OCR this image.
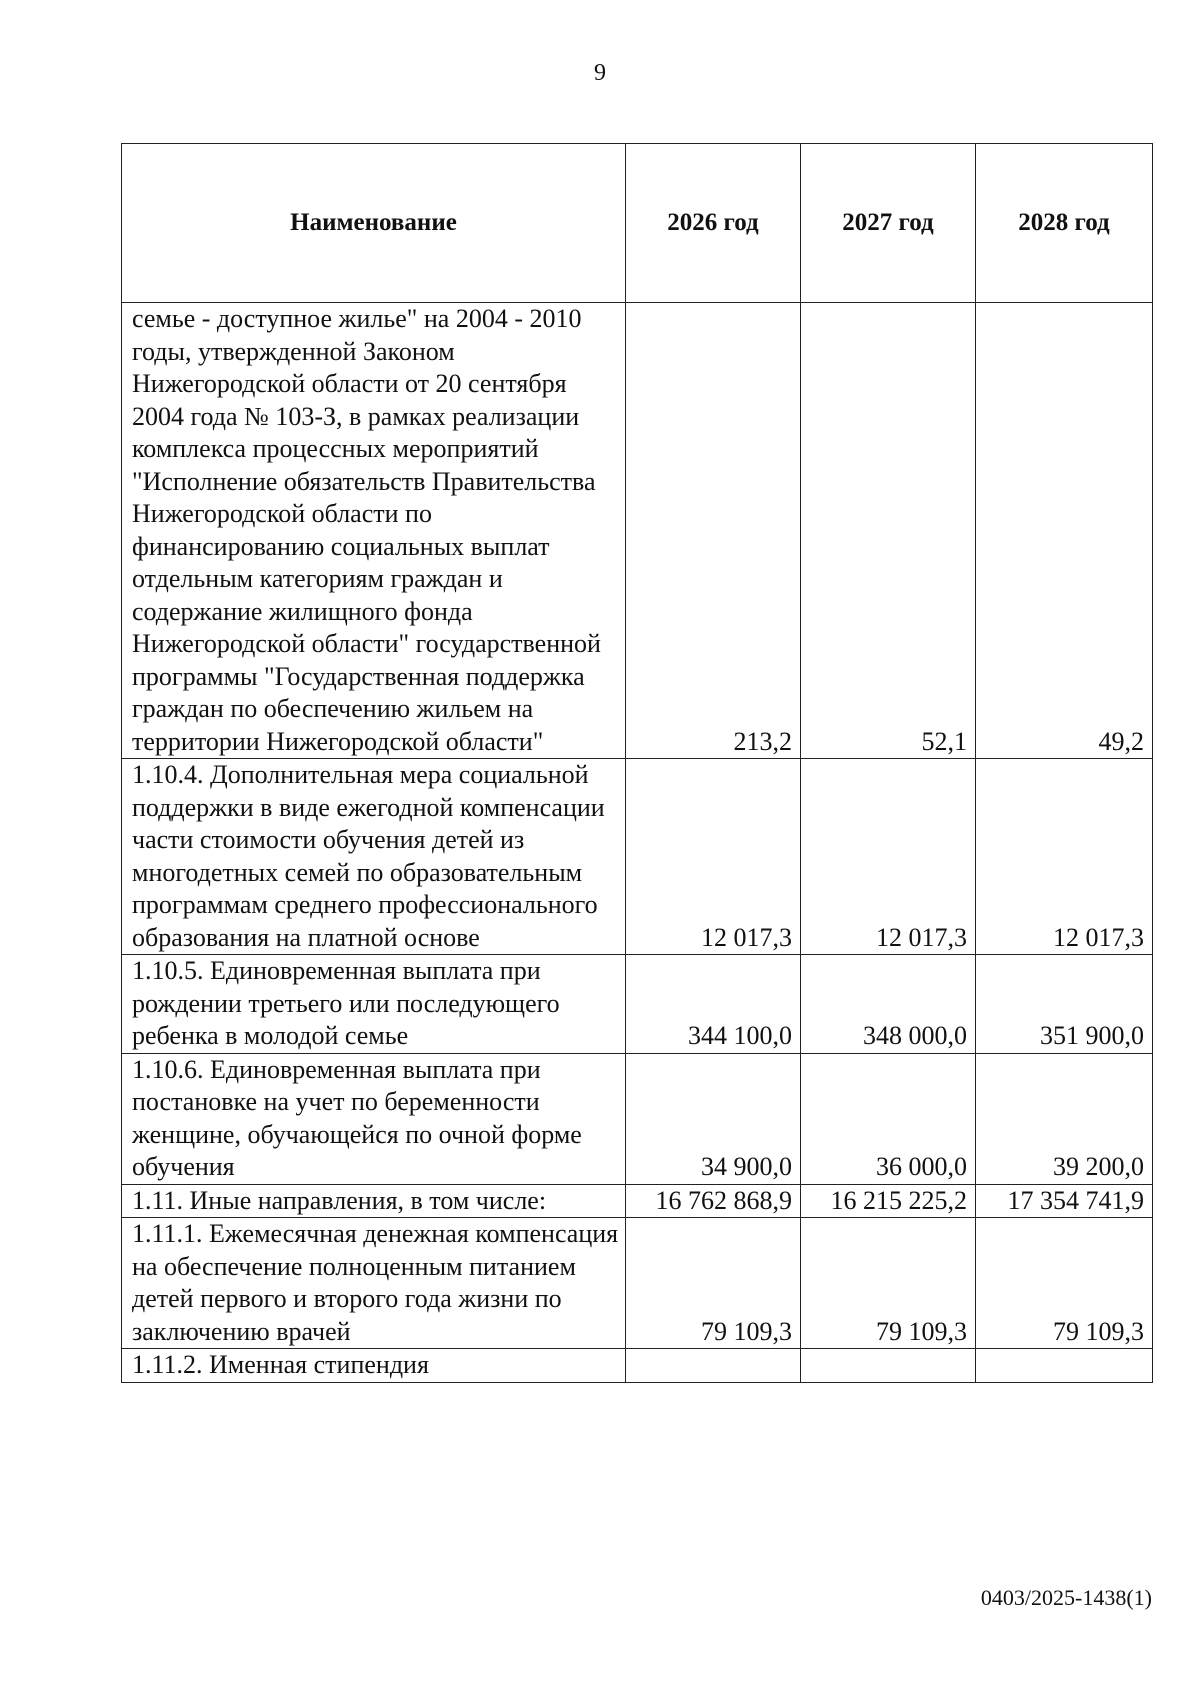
9
Наименование	2026 год	2027 год	2028 год
семье - доступное жилье" на 2004 - 2010 годы, утвержденной Законом Нижегородской области от 20 сентября 2004 года № 103-З, в рамках реализации комплекса процессных мероприятий "Исполнение обязательств Правительства Нижегородской области по финансированию социальных выплат отдельным категориям граждан и содержание жилищного фонда Нижегородской области" государственной программы "Государственная поддержка граждан по обеспечению жильем на территории Нижегородской области"	213,2	52,1	49,2
1.10.4. Дополнительная мера социальной поддержки в виде ежегодной компенсации части стоимости обучения детей из многодетных семей по образовательным программам среднего профессионального образования на платной основе	12 017,3	12 017,3	12 017,3
1.10.5. Единовременная выплата при рождении третьего или последующего ребенка в молодой семье	344 100,0	348 000,0	351 900,0
1.10.6. Единовременная выплата при постановке на учет по беременности женщине, обучающейся по очной форме обучения	34 900,0	36 000,0	39 200,0
1.11. Иные направления, в том числе:	16 762 868,9	16 215 225,2	17 354 741,9
1.11.1. Ежемесячная денежная компенсация на обеспечение полноценным питанием детей первого и второго года жизни по заключению врачей	79 109,3	79 109,3	79 109,3
1.11.2. Именная стипендия			
0403/2025-1438(1)
